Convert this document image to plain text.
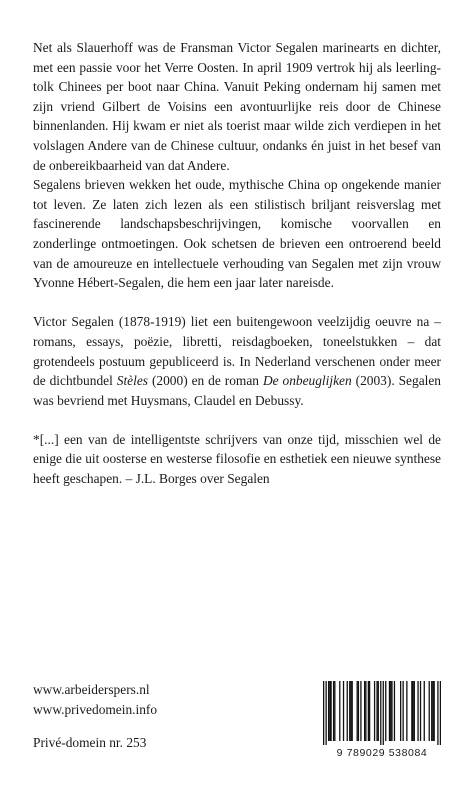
Net als Slauerhoff was de Fransman Victor Segalen marinearts en dichter, met een passie voor het Verre Oosten. In april 1909 vertrok hij als leerling-tolk Chinees per boot naar China. Vanuit Peking ondernam hij samen met zijn vriend Gilbert de Voisins een avontuurlijke reis door de Chinese binnenlanden. Hij kwam er niet als toerist maar wilde zich verdiepen in het volslagen Andere van de Chinese cultuur, ondanks én juist in het besef van de onbereikbaarheid van dat Andere.

Segalens brieven wekken het oude, mythische China op ongekende manier tot leven. Ze laten zich lezen als een stilistisch briljant reisverslag met fascinerende landschapsbeschrijvingen, komische voorvallen en zonderlinge ontmoetingen. Ook schetsen de brieven een ontroerend beeld van de amoureuze en intellectuele verhouding van Segalen met zijn vrouw Yvonne Hébert-Segalen, die hem een jaar later nareisde.

Victor Segalen (1878-1919) liet een buitengewoon veelzijdig oeuvre na – romans, essays, poëzie, libretti, reisdagboeken, toneelstukken – dat grotendeels postuum gepubliceerd is. In Nederland verschenen onder meer de dichtbundel Stèles (2000) en de roman De onbeuglijken (2003). Segalen was bevriend met Huysmans, Claudel en Debussy.

*[...] een van de intelligentste schrijvers van onze tijd, misschien wel de enige die uit oosterse en westerse filosofie en esthetiek een nieuwe synthese heeft geschapen. – J.L. Borges over Segalen

www.arbeiderspers.nl
www.privedomein.info
Privé-domein nr. 253
9 789029 538084
